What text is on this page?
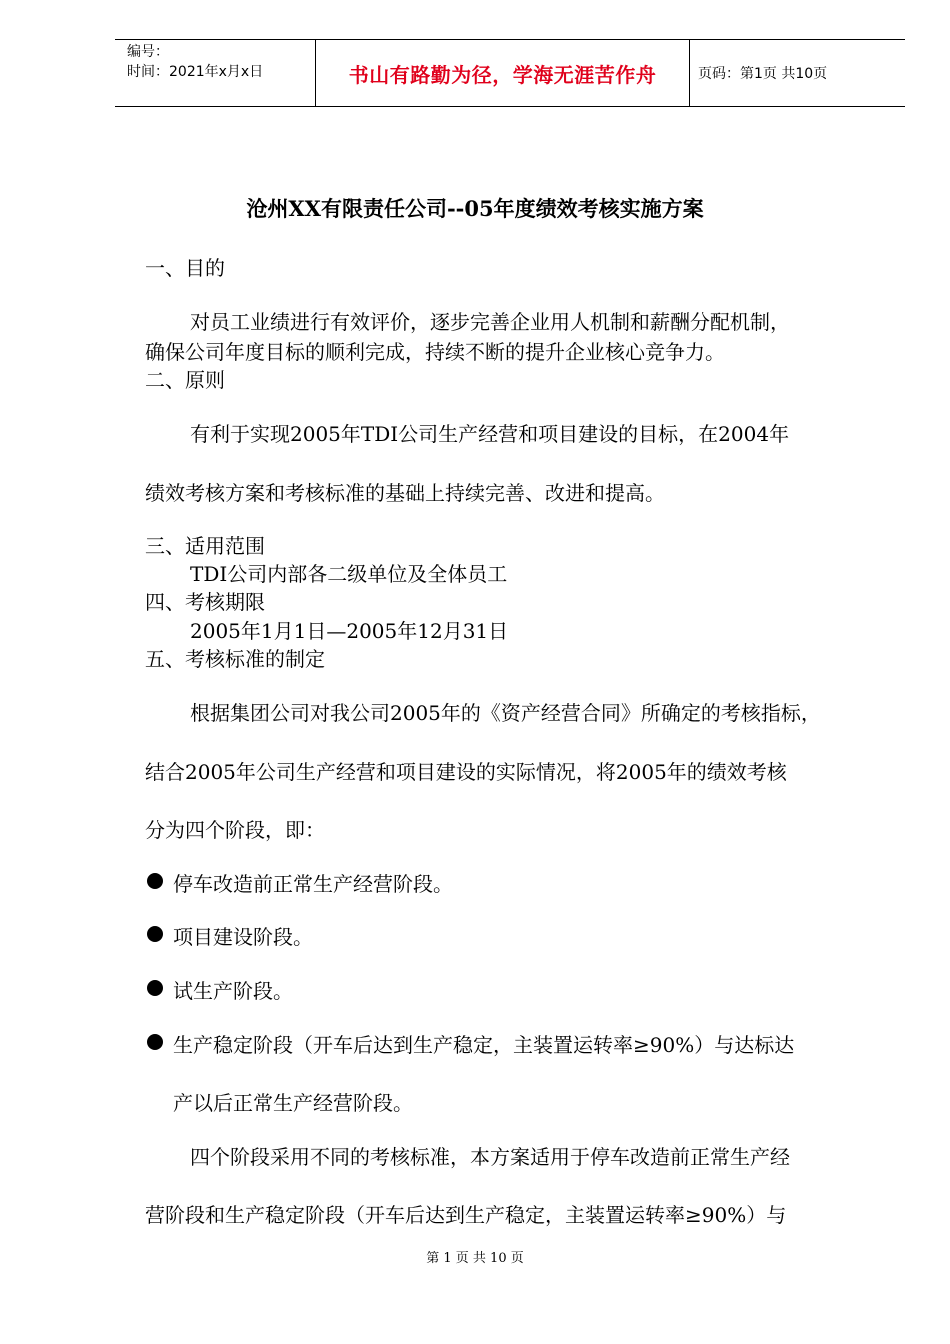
编号：
时间：2021年x月x日	书山有路勤为径，学海无涯苦作舟	页码：第1页 共10页
沧州XX有限责任公司--05年度绩效考核实施方案
一、目的
对员工业绩进行有效评价，逐步完善企业用人机制和薪酬分配机制，
确保公司年度目标的顺利完成，持续不断的提升企业核心竞争力。
二、原则
有利于实现2005年TDI公司生产经营和项目建设的目标，在2004年
绩效考核方案和考核标准的基础上持续完善、改进和提高。
三、适用范围
TDI公司内部各二级单位及全体员工
四、考核期限
2005年1月1日—2005年12月31日
五、考核标准的制定
根据集团公司对我公司2005年的《资产经营合同》所确定的考核指标，
结合2005年公司生产经营和项目建设的实际情况，将2005年的绩效考核
分为四个阶段，即：
停车改造前正常生产经营阶段。
项目建设阶段。
试生产阶段。
生产稳定阶段（开车后达到生产稳定，主装置运转率≥90%）与达标达
产以后正常生产经营阶段。
四个阶段采用不同的考核标准，本方案适用于停车改造前正常生产经
营阶段和生产稳定阶段（开车后达到生产稳定，主装置运转率≥90%）与
第 1 页 共 10 页
